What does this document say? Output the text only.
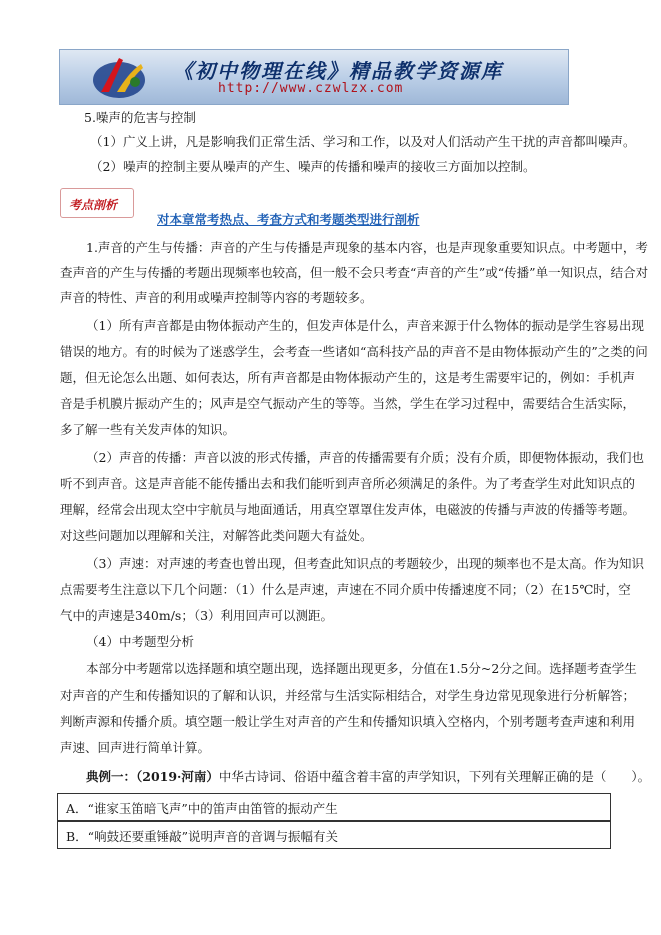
《初中物理在线》精品教学资源库
http://www.czwlzx.com
5.噪声的危害与控制
（1）广义上讲，凡是影响我们正常生活、学习和工作，以及对人们活动产生干扰的声音都叫噪声。
（2）噪声的控制主要从噪声的产生、噪声的传播和噪声的接收三方面加以控制。
考点剖析
对本章常考热点、考查方式和考题类型进行剖析
1.声音的产生与传播：声音的产生与传播是声现象的基本内容，也是声现象重要知识点。中考题中，考
查声音的产生与传播的考题出现频率也较高，但一般不会只考查“声音的产生”或“传播”单一知识点，结合对
声音的特性、声音的利用或噪声控制等内容的考题较多。
（1）所有声音都是由物体振动产生的，但发声体是什么，声音来源于什么物体的振动是学生容易出现
错误的地方。有的时候为了迷惑学生，会考查一些诸如“高科技产品的声音不是由物体振动产生的”之类的问
题，但无论怎么出题、如何表达，所有声音都是由物体振动产生的，这是考生需要牢记的，例如：手机声
音是手机膜片振动产生的；风声是空气振动产生的等等。当然，学生在学习过程中，需要结合生活实际，
多了解一些有关发声体的知识。
（2）声音的传播：声音以波的形式传播，声音的传播需要有介质；没有介质，即便物体振动，我们也
听不到声音。这是声音能不能传播出去和我们能听到声音所必须满足的条件。为了考查学生对此知识点的
理解，经常会出现太空中宇航员与地面通话，用真空罩罩住发声体，电磁波的传播与声波的传播等考题。
对这些问题加以理解和关注，对解答此类问题大有益处。
（3）声速：对声速的考查也曾出现，但考查此知识点的考题较少，出现的频率也不是太高。作为知识
点需要考生注意以下几个问题：（1）什么是声速，声速在不同介质中传播速度不同；（2）在15℃时，空
气中的声速是340m/s；（3）利用回声可以测距。
（4）中考题型分析
本部分中考题常以选择题和填空题出现，选择题出现更多，分值在1.5分~2分之间。选择题考查学生
对声音的产生和传播知识的了解和认识，并经常与生活实际相结合，对学生身边常见现象进行分析解答；
判断声源和传播介质。填空题一般让学生对声音的产生和传播知识填入空格内，个别考题考查声速和利用
声速、回声进行简单计算。
典例一：（2019·河南）中华古诗词、俗语中蕴含着丰富的声学知识，下列有关理解正确的是（　　）。
A．“谁家玉笛暗飞声”中的笛声由笛管的振动产生
B．“响鼓还要重锤敲”说明声音的音调与振幅有关
